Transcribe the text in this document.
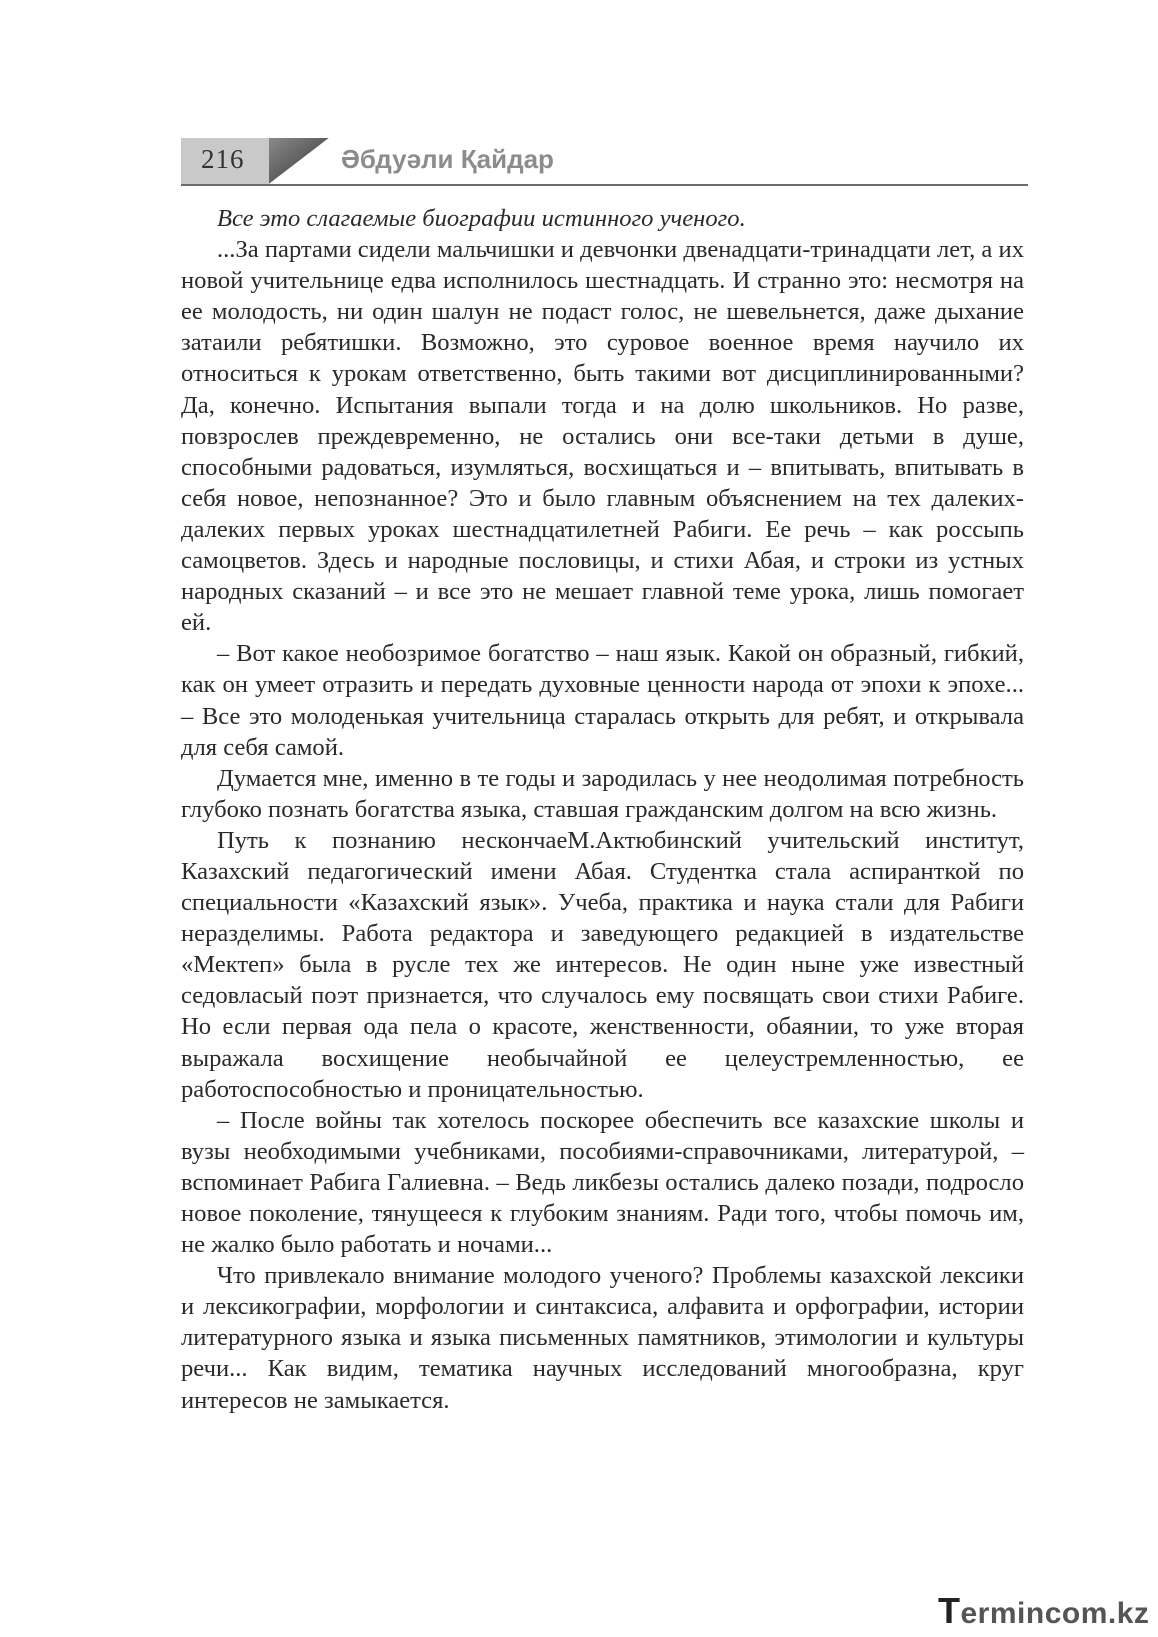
216	Әбдуәли Қайдар

Все это слагаемые биографии истинного ученого.

...За партами сидели мальчишки и девчонки двенадцати-тринадцати лет, а их новой учительнице едва исполнилось шестнадцать. И странно это: несмотря на ее молодость, ни один шалун не подаст голос, не шевельнется, даже дыхание затаили ребятишки. Возможно, это суровое военное время научило их относиться к урокам ответственно, быть такими вот дисциплинированными? Да, конечно. Испытания выпали тогда и на долю школьников. Но разве, повзрослев преждевременно, не остались они все-таки детьми в душе, способными радоваться, изумляться, восхищаться и – впитывать, впитывать в себя новое, непознанное? Это и было главным объяснением на тех далеких-далеких первых уроках шестнадцатилетней Рабиги. Ее речь – как россыпь самоцветов. Здесь и народные пословицы, и стихи Абая, и строки из устных народных сказаний – и все это не мешает главной теме урока, лишь помогает ей.

– Вот какое необозримое богатство – наш язык. Какой он образный, гибкий, как он умеет отразить и передать духовные ценности народа от эпохи к эпохе... – Все это молоденькая учительница старалась открыть для ребят, и открывала для себя самой.

Думается мне, именно в те годы и зародилась у нее неодолимая потребность глубоко познать богатства языка, ставшая гражданским долгом на всю жизнь.

Путь к познанию нескончаеМ.Актюбинский учительский институт, Казахский педагогический имени Абая. Студентка стала аспиранткой по специальности «Казахский язык». Учеба, практика и наука стали для Рабиги неразделимы. Работа редактора и заведующего редакцией в издательстве «Мектеп» была в русле тех же интересов. Не один ныне уже известный седовласый поэт признается, что случалось ему посвящать свои стихи Рабиге. Но если первая ода пела о красоте, женственности, обаянии, то уже вторая выражала восхищение необычайной ее целеустремленностью, ее работоспособностью и проницательностью.

– После войны так хотелось поскорее обеспечить все казахские школы и вузы необходимыми учебниками, пособиями-справочниками, литературой, – вспоминает Рабига Галиевна. – Ведь ликбезы остались далеко позади, подросло новое поколение, тянущееся к глубоким знаниям. Ради того, чтобы помочь им, не жалко было работать и ночами...

Что привлекало внимание молодого ученого? Проблемы казахской лексики и лексикографии, морфологии и синтаксиса, алфавита и орфографии, истории литературного языка и языка письменных памятников, этимологии и культуры речи... Как видим, тематика научных исследований многообразна, круг интересов не замыкается.

Termincom.kz
